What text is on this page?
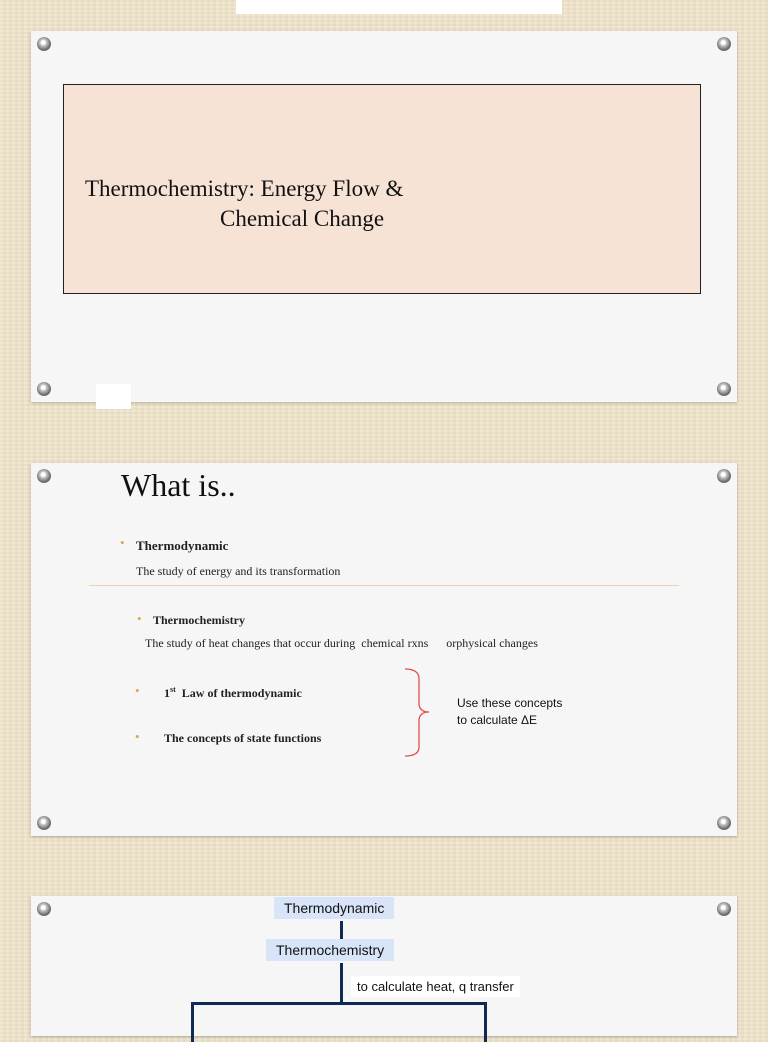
Thermochemistry: Energy Flow &
Chemical Change
What is..
• Thermodynamic
The study of energy and its transformation
• Thermochemistry
The study of heat changes that occur during  chemical rxns      orphysical changes
• 1st  Law of thermodynamic
• The concepts of state functions
Use these concepts
to calculate ΔE
Thermodynamic
Thermochemistry
to calculate heat, q transfer
